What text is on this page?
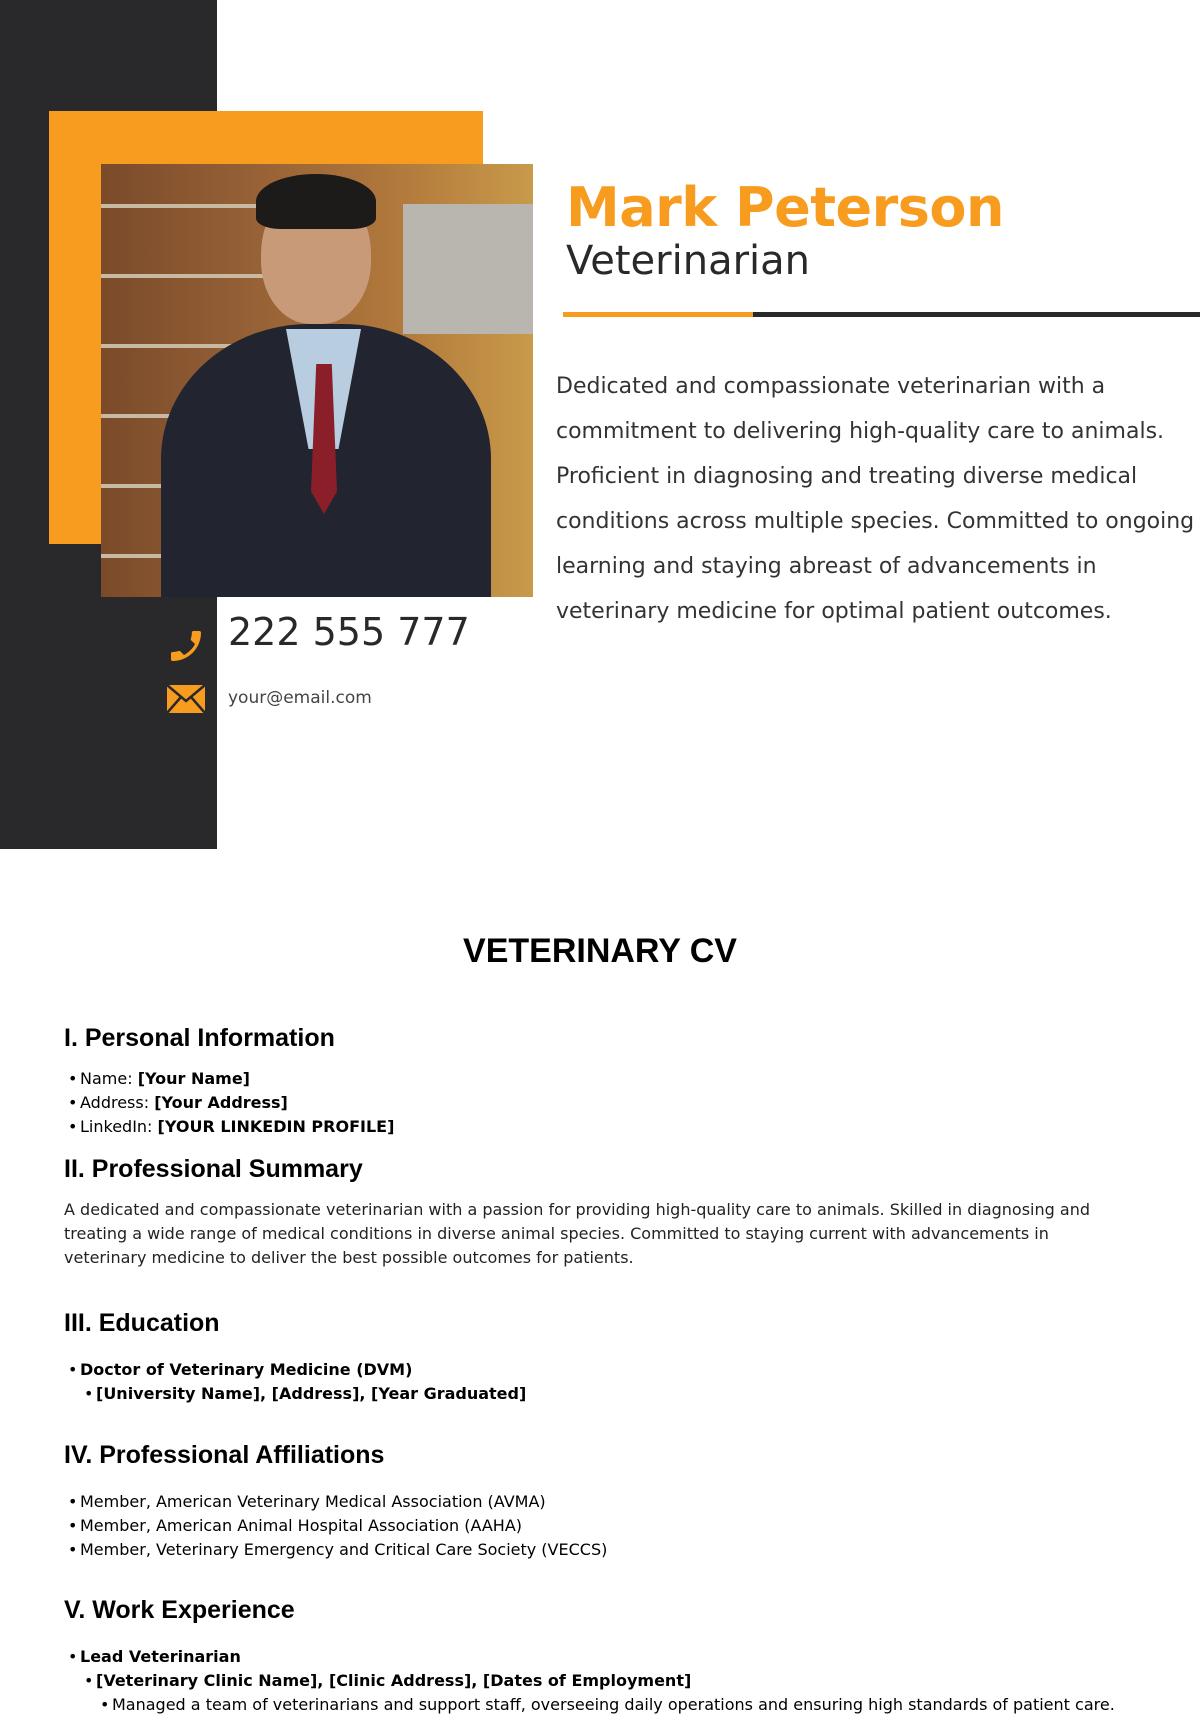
Mark Peterson
Veterinarian
Dedicated and compassionate veterinarian with a commitment to delivering high-quality care to animals. Proficient in diagnosing and treating diverse medical conditions across multiple species. Committed to ongoing learning and staying abreast of advancements in veterinary medicine for optimal patient outcomes.
222 555 777
your@email.com
VETERINARY CV
I. Personal Information
• Name: [Your Name]
• Address: [Your Address]
• LinkedIn: [YOUR LINKEDIN PROFILE]
II. Professional Summary

A dedicated and compassionate veterinarian with a passion for providing high-quality care to animals. Skilled in diagnosing and treating a wide range of medical conditions in diverse animal species. Committed to staying current with advancements in veterinary medicine to deliver the best possible outcomes for patients.

III. Education
• Doctor of Veterinary Medicine (DVM)
• [University Name], [Address], [Year Graduated]
IV. Professional Affiliations
• Member, American Veterinary Medical Association (AVMA)
• Member, American Animal Hospital Association (AAHA)
• Member, Veterinary Emergency and Critical Care Society (VECCS)
V. Work Experience
• Lead Veterinarian
• [Veterinary Clinic Name], [Clinic Address], [Dates of Employment]
• Managed a team of veterinarians and support staff, overseeing daily operations and ensuring high standards of patient care.
